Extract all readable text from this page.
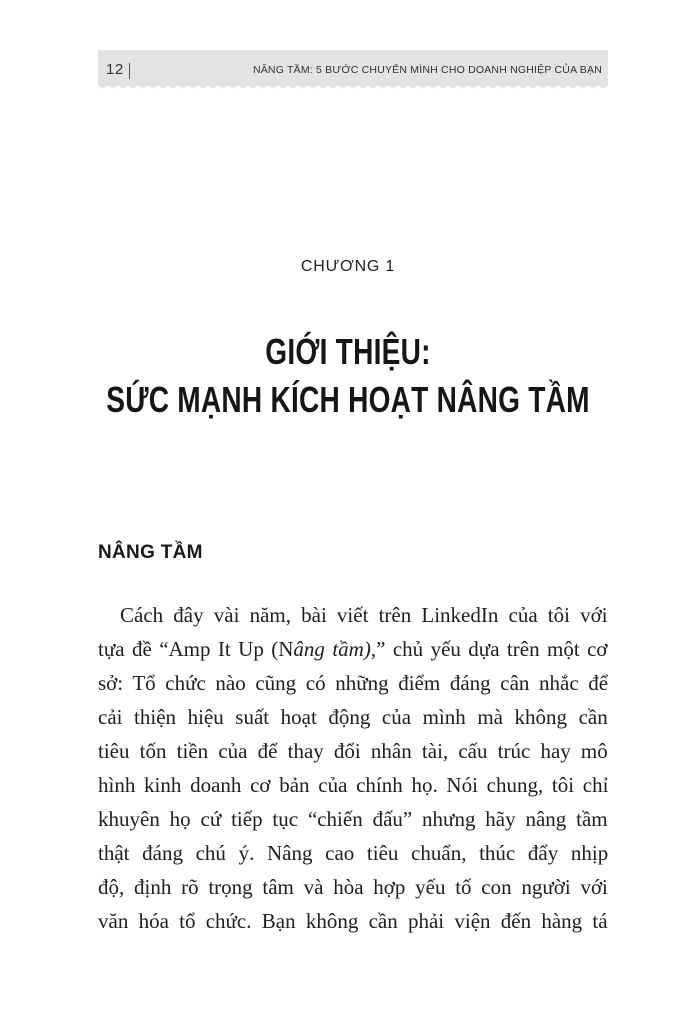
12	NÂNG TẦM: 5 BƯỚC CHUYỂN MÌNH CHO DOANH NGHIỆP CỦA BẠN
CHƯƠNG 1
GIỚI THIỆU:
SỨC MẠNH KÍCH HOẠT NÂNG TẦM
NÂNG TẦM
Cách đây vài năm, bài viết trên LinkedIn của tôi với
tựa đề “Amp It Up (Nâng tầm),” chủ yếu dựa trên một cơ
sở: Tổ chức nào cũng có những điểm đáng cân nhắc để
cải thiện hiệu suất hoạt động của mình mà không cần
tiêu tốn tiền của để thay đổi nhân tài, cấu trúc hay mô
hình kinh doanh cơ bản của chính họ. Nói chung, tôi chỉ
khuyên họ cứ tiếp tục “chiến đấu” nhưng hãy nâng tầm
thật đáng chú ý. Nâng cao tiêu chuẩn, thúc đẩy nhịp
độ, định rõ trọng tâm và hòa hợp yếu tố con người với
văn hóa tổ chức. Bạn không cần phải viện đến hàng tá
